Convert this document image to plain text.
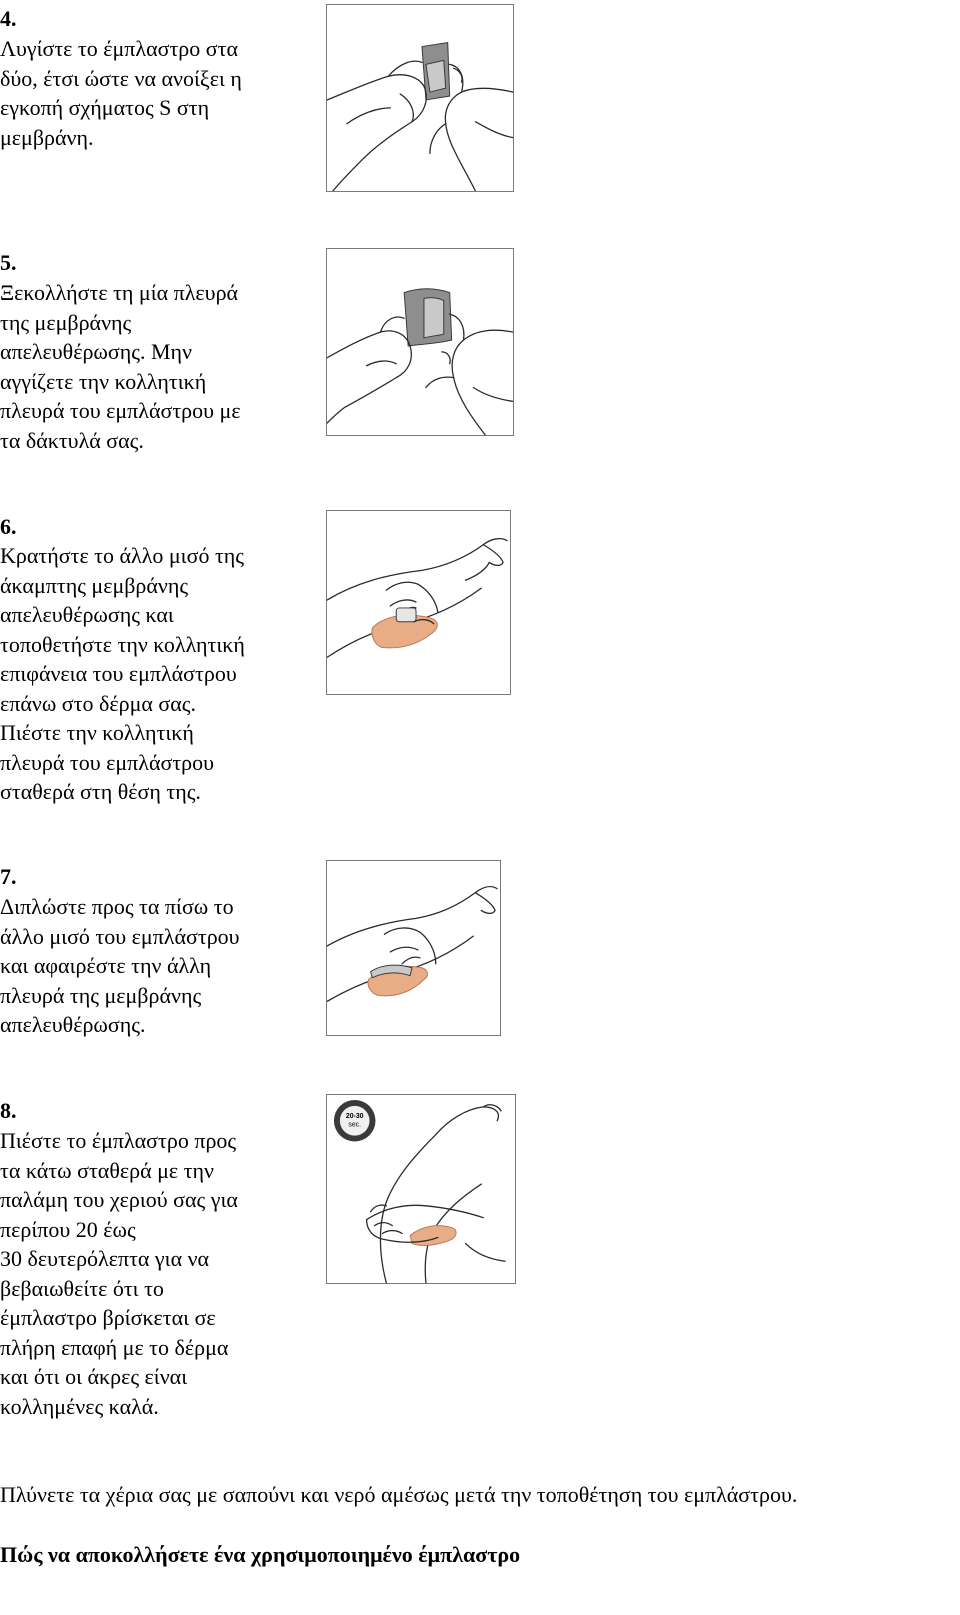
4.
Λυγίστε το έμπλαστρο στα
δύο, έτσι ώστε να ανοίξει η
εγκοπή σχήματος S στη
μεμβράνη.
5.
Ξεκολλήστε τη μία πλευρά
της μεμβράνης
απελευθέρωσης. Μην
αγγίζετε την κολλητική
πλευρά του εμπλάστρου με
τα δάκτυλά σας.
6.
Κρατήστε το άλλο μισό της
άκαμπτης μεμβράνης
απελευθέρωσης και
τοποθετήστε την κολλητική
επιφάνεια του εμπλάστρου
επάνω στο δέρμα σας.
Πιέστε την κολλητική
πλευρά του εμπλάστρου
σταθερά στη θέση της.
7.
Διπλώστε προς τα πίσω το
άλλο μισό του εμπλάστρου
και αφαιρέστε την άλλη
πλευρά της μεμβράνης
απελευθέρωσης.
8.
Πιέστε το έμπλαστρο προς
τα κάτω σταθερά με την
παλάμη του χεριού σας για
περίπου 20 έως
30 δευτερόλεπτα για να
βεβαιωθείτε ότι το
έμπλαστρο βρίσκεται σε
πλήρη επαφή με το δέρμα
και ότι οι άκρες είναι
κολλημένες καλά.
20-30
sec.
Πλύνετε τα χέρια σας με σαπούνι και νερό αμέσως μετά την τοποθέτηση του εμπλάστρου.
Πώς να αποκολλήσετε ένα χρησιμοποιημένο έμπλαστρο
